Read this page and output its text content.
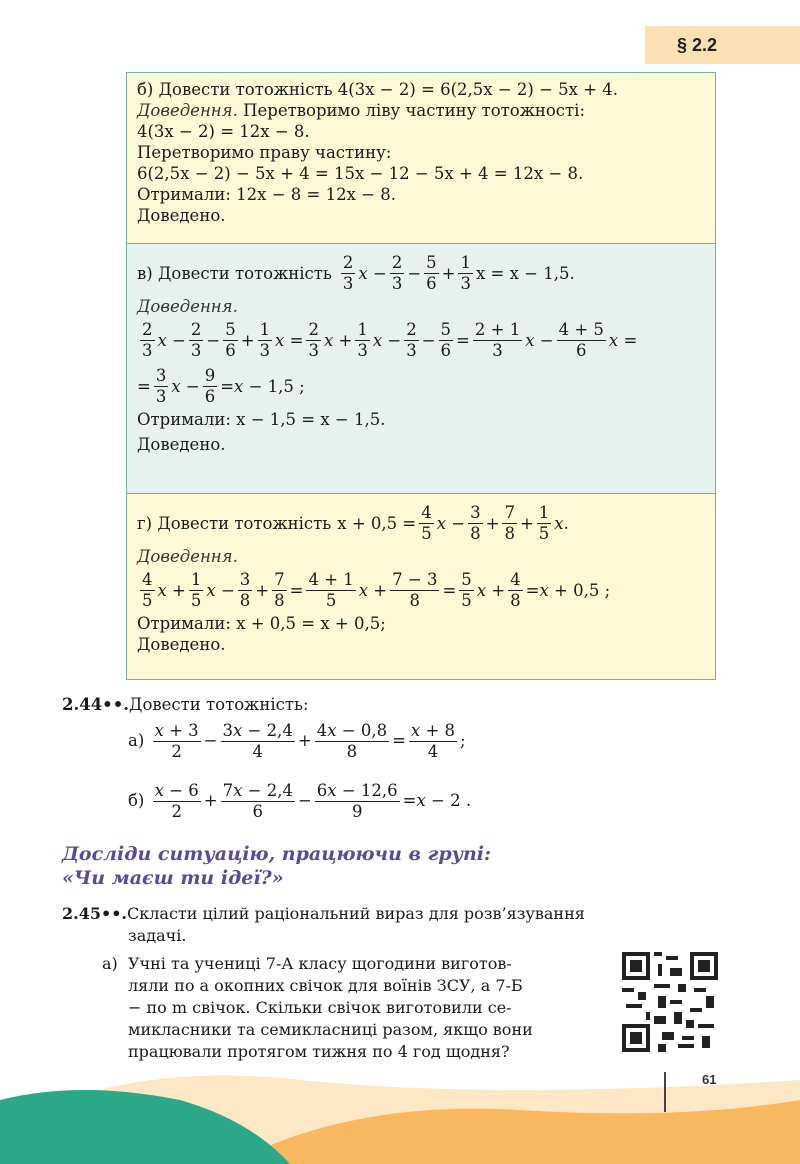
§ 2.2
б) Довести тотожність 4(3x − 2) = 6(2,5x − 2) − 5x + 4.
Доведення. Перетворимо ліву частину тотожності:
4(3x − 2) = 12x − 8.
Перетворимо праву частину:
6(2,5x − 2) − 5x + 4 = 15x − 12 − 5x + 4 = 12x − 8.
Отримали: 12x − 8 = 12x − 8.
Доведено.
в) Довести тотожність $\frac{2}{3}$ $x - \frac{2}{3} - \frac{5}{6} + \frac{1}{3}$ x = x − 1,5.
Доведення.
$\frac{2}{3}$ $x - \frac{2}{3} - \frac{5}{6} + \frac{1}{3}$ $x = \frac{2}{3}$ $x + \frac{1}{3}$ $x - \frac{2}{3} - \frac{5}{6} = \frac{2 + 1}{3}$ $x - \frac{4 + 5}{6}$ x =
= $\frac{3}{3}$ $x - \frac{9}{6} = x - 1,5$ ;
Отримали: x − 1,5 = x − 1,5.
Доведено.
г) Довести тотожність $x + 0,5 = \frac{4}{5}$ $x - \frac{3}{8} + \frac{7}{8} + \frac{1}{5}$ x .
Доведення.
$\frac{4}{5}$ $x + \frac{1}{5}$ $x - \frac{3}{8} + \frac{7}{8} = \frac{4 + 1}{5}$ $x + \frac{7 - 3}{8} = \frac{5}{5}$ $x + \frac{4}{8} = x + 0,5$ ;
Отримали: x + 0,5 = x + 0,5;
Доведено.
2.44••.Довести тотожність:
а)
$\frac{x + 3}{2} - \frac{3x - 2,4}{4} + \frac{4x - 0,8}{8} = \frac{x + 8}{4}$ ;
б)
$\frac{x - 6}{2} + \frac{7x - 2,4}{6} - \frac{6x - 12,6}{9} = x - 2$ .
Досліди ситуацію, працюючи в групі:
«Чи маєш ти ідеї?»
2.45••.Скласти цілий раціональний вираз для розв’язування
задачі.
а) Учні та учениці 7-А класу щогодини виготов-
ляли по a окопних свічок для воїнів ЗСУ, а 7-Б
− по m свічок. Скільки свічок виготовили се-
микласники та семикласниці разом, якщо вони
працювали протягом тижня по 4 год щодня?
61
